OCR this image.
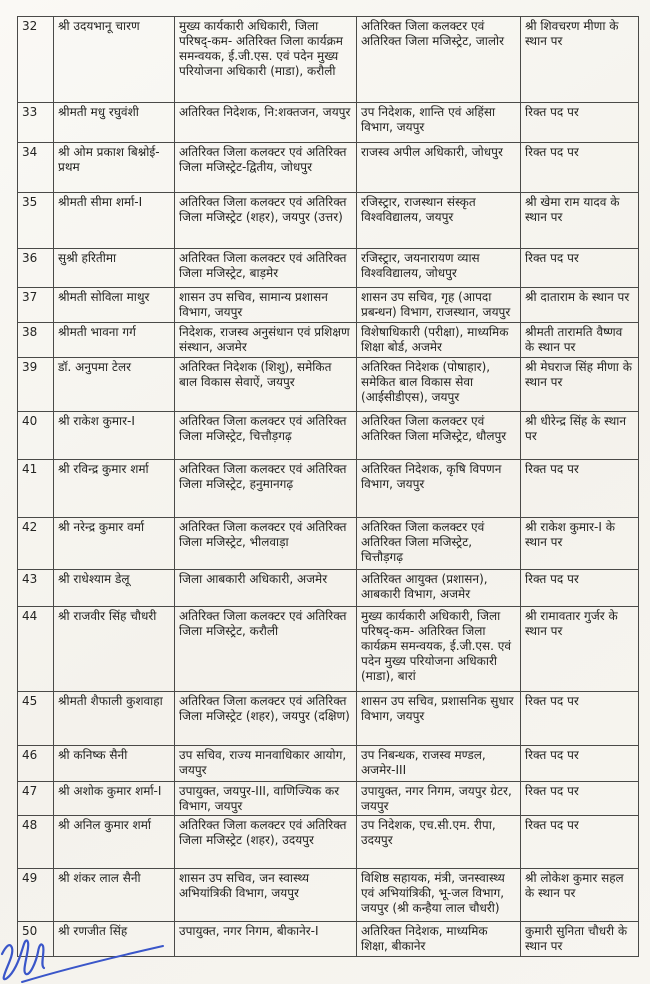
32	श्री उदयभानू चारण	मुख्य कार्यकारी अधिकारी, जिला परिषद्-कम- अतिरिक्त जिला कार्यक्रम समन्वयक, ई.जी.एस. एवं पदेन मुख्य परियोजना अधिकारी (माडा), करौली	अतिरिक्त जिला कलक्टर एवं अतिरिक्त जिला मजिस्ट्रेट, जालोर	श्री शिवचरण मीणा के स्थान पर
33	श्रीमती मधु रघुवंशी	अतिरिक्त निदेशक, नि:शक्तजन, जयपुर	उप निदेशक, शान्ति एवं अहिंसा विभाग, जयपुर	रिक्त पद पर
34	श्री ओम प्रकाश बिश्नोई-प्रथम	अतिरिक्त जिला कलक्टर एवं अतिरिक्त जिला मजिस्ट्रेट-द्वितीय, जोधपुर	राजस्व अपील अधिकारी, जोधपुर	रिक्त पद पर
35	श्रीमती सीमा शर्मा-I	अतिरिक्त जिला कलक्टर एवं अतिरिक्त जिला मजिस्ट्रेट (शहर), जयपुर (उत्तर)	रजिस्ट्रार, राजस्थान संस्कृत विश्वविद्यालय, जयपुर	श्री खेमा राम यादव के स्थान पर
36	सुश्री हरितीमा	अतिरिक्त जिला कलक्टर एवं अतिरिक्त जिला मजिस्ट्रेट, बाड़मेर	रजिस्ट्रार, जयनारायण व्यास विश्वविद्यालय, जोधपुर	रिक्त पद पर
37	श्रीमती सोविला माथुर	शासन उप सचिव, सामान्य प्रशासन विभाग, जयपुर	शासन उप सचिव, गृह (आपदा प्रबन्धन) विभाग, राजस्थान, जयपुर	श्री दाताराम के स्थान पर
38	श्रीमती भावना गर्ग	निदेशक, राजस्व अनुसंधान एवं प्रशिक्षण संस्थान, अजमेर	विशेषाधिकारी (परीक्षा), माध्यमिक शिक्षा बोर्ड, अजमेर	श्रीमती तारामति वैष्णव के स्थान पर
39	डॉ. अनुपमा टेलर	अतिरिक्त निदेशक (शिशु), समेकित बाल विकास सेवाऐं, जयपुर	अतिरिक्त निदेशक (पोषाहार), समेकित बाल विकास सेवा (आईसीडीएस), जयपुर	श्री मेघराज सिंह मीणा के स्थान पर
40	श्री राकेश कुमार-I	अतिरिक्त जिला कलक्टर एवं अतिरिक्त जिला मजिस्ट्रेट, चित्तौड़गढ़	अतिरिक्त जिला कलक्टर एवं अतिरिक्त जिला मजिस्ट्रेट, धौलपुर	श्री धीरेन्द्र सिंह के स्थान पर
41	श्री रविन्द्र कुमार शर्मा	अतिरिक्त जिला कलक्टर एवं अतिरिक्त जिला मजिस्ट्रेट, हनुमानगढ़	अतिरिक्त निदेशक, कृषि विपणन विभाग, जयपुर	रिक्त पद पर
42	श्री नरेन्द्र कुमार वर्मा	अतिरिक्त जिला कलक्टर एवं अतिरिक्त जिला मजिस्ट्रेट, भीलवाड़ा	अतिरिक्त जिला कलक्टर एवं अतिरिक्त जिला मजिस्ट्रेट, चित्तौड़गढ़	श्री राकेश कुमार-I के स्थान पर
43	श्री राधेश्याम डेलू	जिला आबकारी अधिकारी, अजमेर	अतिरिक्त आयुक्त (प्रशासन), आबकारी विभाग, अजमेर	रिक्त पद पर
44	श्री राजवीर सिंह चौधरी	अतिरिक्त जिला कलक्टर एवं अतिरिक्त जिला मजिस्ट्रेट, करौली	मुख्य कार्यकारी अधिकारी, जिला परिषद्-कम- अतिरिक्त जिला कार्यक्रम समन्वयक, ई.जी.एस. एवं पदेन मुख्य परियोजना अधिकारी (माडा), बारां	श्री रामावतार गुर्जर के स्थान पर
45	श्रीमती शैफाली कुशवाहा	अतिरिक्त जिला कलक्टर एवं अतिरिक्त जिला मजिस्ट्रेट (शहर), जयपुर (दक्षिण)	शासन उप सचिव, प्रशासनिक सुधार विभाग, जयपुर	रिक्त पद पर
46	श्री कनिष्क सैनी	उप सचिव, राज्य मानवाधिकार आयोग, जयपुर	उप निबन्धक, राजस्व मण्डल, अजमेर-III	रिक्त पद पर
47	श्री अशोक कुमार शर्मा-I	उपायुक्त, जयपुर-III, वाणिज्यिक कर विभाग, जयपुर	उपायुक्त, नगर निगम, जयपुर ग्रेटर, जयपुर	रिक्त पद पर
48	श्री अनिल कुमार शर्मा	अतिरिक्त जिला कलक्टर एवं अतिरिक्त जिला मजिस्ट्रेट (शहर), उदयपुर	उप निदेशक, एच.सी.एम. रीपा, उदयपुर	रिक्त पद पर
49	श्री शंकर लाल सैनी	शासन उप सचिव, जन स्वास्थ्य अभियांत्रिकी विभाग, जयपुर	विशिष्ठ सहायक, मंत्री, जनस्वास्थ्य एवं अभियांत्रिकी, भू-जल विभाग, जयपुर (श्री कन्हैया लाल चौधरी)	श्री लोकेश कुमार सहल के स्थान पर
50	श्री रणजीत सिंह	उपायुक्त, नगर निगम, बीकानेर-I	अतिरिक्त निदेशक, माध्यमिक शिक्षा, बीकानेर	कुमारी सुनिता चौधरी के स्थान पर
